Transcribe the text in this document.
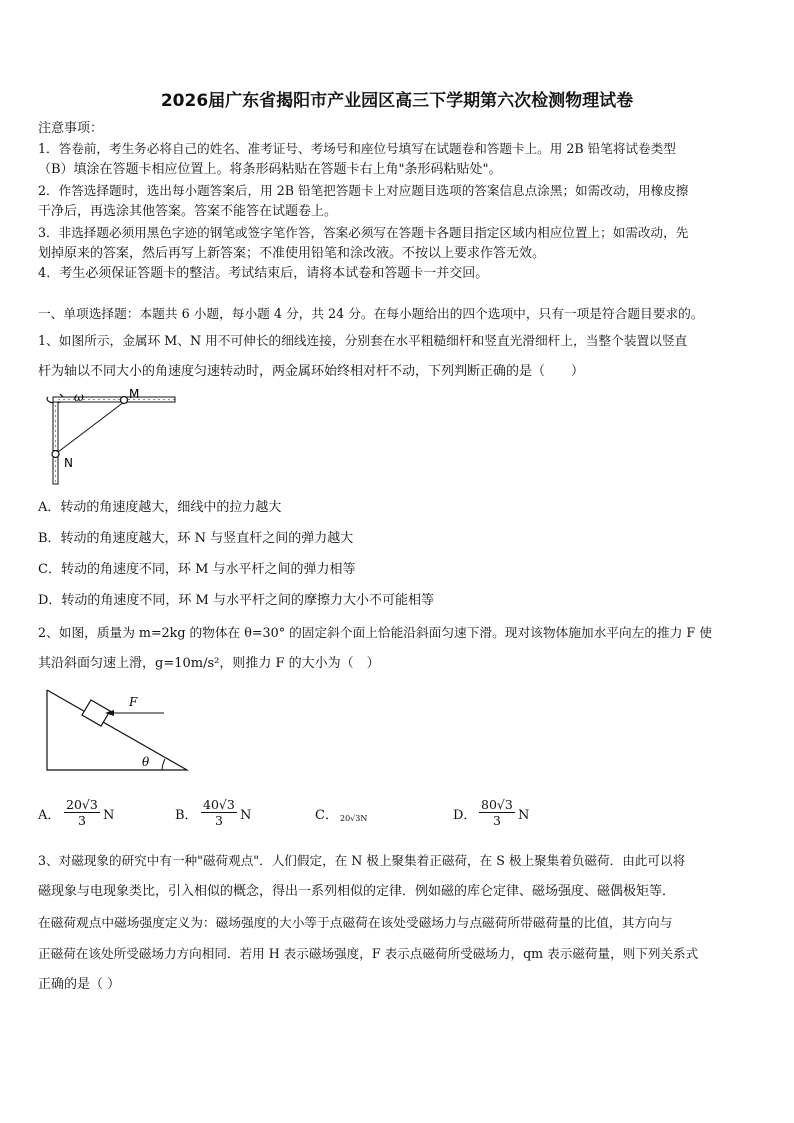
2026届广东省揭阳市产业园区高三下学期第六次检测物理试卷
注意事项：
1．答卷前，考生务必将自己的姓名、准考证号、考场号和座位号填写在试题卷和答题卡上。用 2B 铅笔将试卷类型
（B）填涂在答题卡相应位置上。将条形码粘贴在答题卡右上角"条形码粘贴处"。
2．作答选择题时，选出每小题答案后，用 2B 铅笔把答题卡上对应题目选项的答案信息点涂黑；如需改动，用橡皮擦
干净后，再选涂其他答案。答案不能答在试题卷上。
3．非选择题必须用黑色字迹的钢笔或签字笔作答，答案必须写在答题卡各题目指定区域内相应位置上；如需改动，先
划掉原来的答案，然后再写上新答案；不准使用铅笔和涂改液。不按以上要求作答无效。
4．考生必须保证答题卡的整洁。考试结束后，请将本试卷和答题卡一并交回。
一、单项选择题：本题共 6 小题，每小题 4 分，共 24 分。在每小题给出的四个选项中，只有一项是符合题目要求的。
1、如图所示，金属环 M、N 用不可伸长的细线连接，分别套在水平粗糙细杆和竖直光滑细杆上，当整个装置以竖直
杆为轴以不同大小的角速度匀速转动时，两金属环始终相对杆不动，下列判断正确的是（　　）
ω	M
N
A．转动的角速度越大，细线中的拉力越大
B．转动的角速度越大，环 N 与竖直杆之间的弹力越大
C．转动的角速度不同，环 M 与水平杆之间的弹力相等
D．转动的角速度不同，环 M 与水平杆之间的摩擦力大小不可能相等
2、如图，质量为 m=2kg 的物体在 θ=30° 的固定斜个面上恰能沿斜面匀速下滑。现对该物体施加水平向左的推力 F 使
其沿斜面匀速上滑，g=10m/s²，则推力 F 的大小为（　）
F
θ
A． $\frac{20√3}{3}$ N	B． $\frac{40√3}{3}$ N	C． 20√3N	D． $\frac{80√3}{3}$ N
3、对磁现象的研究中有一种"磁荷观点"．人们假定，在 N 极上聚集着正磁荷，在 S 极上聚集着负磁荷．由此可以将
磁现象与电现象类比，引入相似的概念，得出一系列相似的定律．例如磁的库仑定律、磁场强度、磁偶极矩等．
在磁荷观点中磁场强度定义为：磁场强度的大小等于点磁荷在该处受磁场力与点磁荷所带磁荷量的比值，其方向与
正磁荷在该处所受磁场力方向相同．若用 H 表示磁场强度，F 表示点磁荷所受磁场力，qm 表示磁荷量，则下列关系式
正确的是（ ）
